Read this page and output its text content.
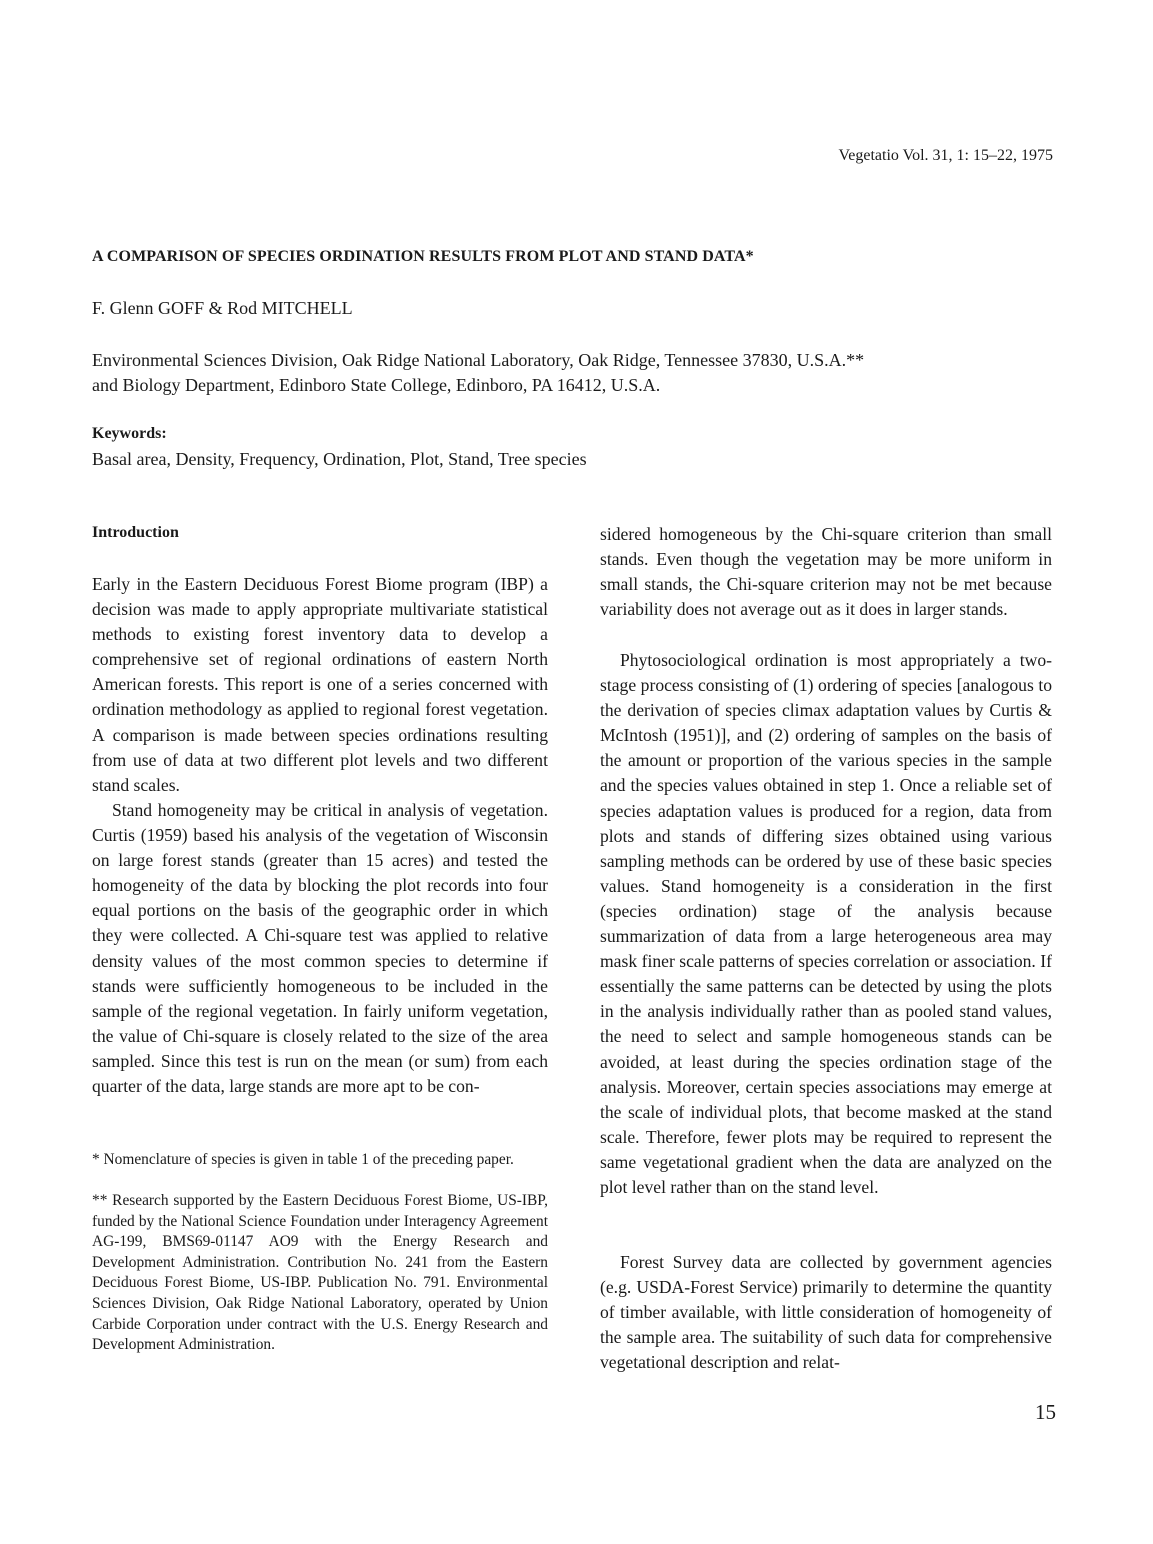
Vegetatio Vol. 31, 1: 15–22, 1975
A COMPARISON OF SPECIES ORDINATION RESULTS FROM PLOT AND STAND DATA*
F. Glenn GOFF & Rod MITCHELL
Environmental Sciences Division, Oak Ridge National Laboratory, Oak Ridge, Tennessee 37830, U.S.A.**
and Biology Department, Edinboro State College, Edinboro, PA 16412, U.S.A.
Keywords:
Basal area, Density, Frequency, Ordination, Plot, Stand, Tree species
Introduction

Early in the Eastern Deciduous Forest Biome program (IBP) a decision was made to apply appropriate multivariate statistical methods to existing forest inventory data to develop a comprehensive set of regional ordinations of eastern North American forests. This report is one of a series concerned with ordination methodology as applied to regional forest vegetation. A comparison is made between species ordinations resulting from use of data at two different plot levels and two different stand scales.

Stand homogeneity may be critical in analysis of vegetation. Curtis (1959) based his analysis of the vegetation of Wisconsin on large forest stands (greater than 15 acres) and tested the homogeneity of the data by blocking the plot records into four equal portions on the basis of the geographic order in which they were collected. A Chi-square test was applied to relative density values of the most common species to determine if stands were sufficiently homogeneous to be included in the sample of the regional vegetation. In fairly uniform vegetation, the value of Chi-square is closely related to the size of the area sampled. Since this test is run on the mean (or sum) from each quarter of the data, large stands are more apt to be con-

* Nomenclature of species is given in table 1 of the preceding paper.
** Research supported by the Eastern Deciduous Forest Biome, US-IBP, funded by the National Science Foundation under Interagency Agreement AG-199, BMS69-01147 AO9 with the Energy Research and Development Administration. Contribution No. 241 from the Eastern Deciduous Forest Biome, US-IBP. Publication No. 791. Environmental Sciences Division, Oak Ridge National Laboratory, operated by Union Carbide Corporation under contract with the U.S. Energy Research and Development Administration.

sidered homogeneous by the Chi-square criterion than small stands. Even though the vegetation may be more uniform in small stands, the Chi-square criterion may not be met because variability does not average out as it does in larger stands.

Phytosociological ordination is most appropriately a two-stage process consisting of (1) ordering of species [analogous to the derivation of species climax adaptation values by Curtis & McIntosh (1951)], and (2) ordering of samples on the basis of the amount or proportion of the various species in the sample and the species values obtained in step 1. Once a reliable set of species adaptation values is produced for a region, data from plots and stands of differing sizes obtained using various sampling methods can be ordered by use of these basic species values. Stand homogeneity is a consideration in the first (species ordination) stage of the analysis because summarization of data from a large heterogeneous area may mask finer scale patterns of species correlation or association. If essentially the same patterns can be detected by using the plots in the analysis individually rather than as pooled stand values, the need to select and sample homogeneous stands can be avoided, at least during the species ordination stage of the analysis. Moreover, certain species associations may emerge at the scale of individual plots, that become masked at the stand scale. Therefore, fewer plots may be required to represent the same vegetational gradient when the data are analyzed on the plot level rather than on the stand level.

Forest Survey data are collected by government agencies (e.g. USDA-Forest Service) primarily to determine the quantity of timber available, with little consideration of homogeneity of the sample area. The suitability of such data for comprehensive vegetational description and relat-

15
